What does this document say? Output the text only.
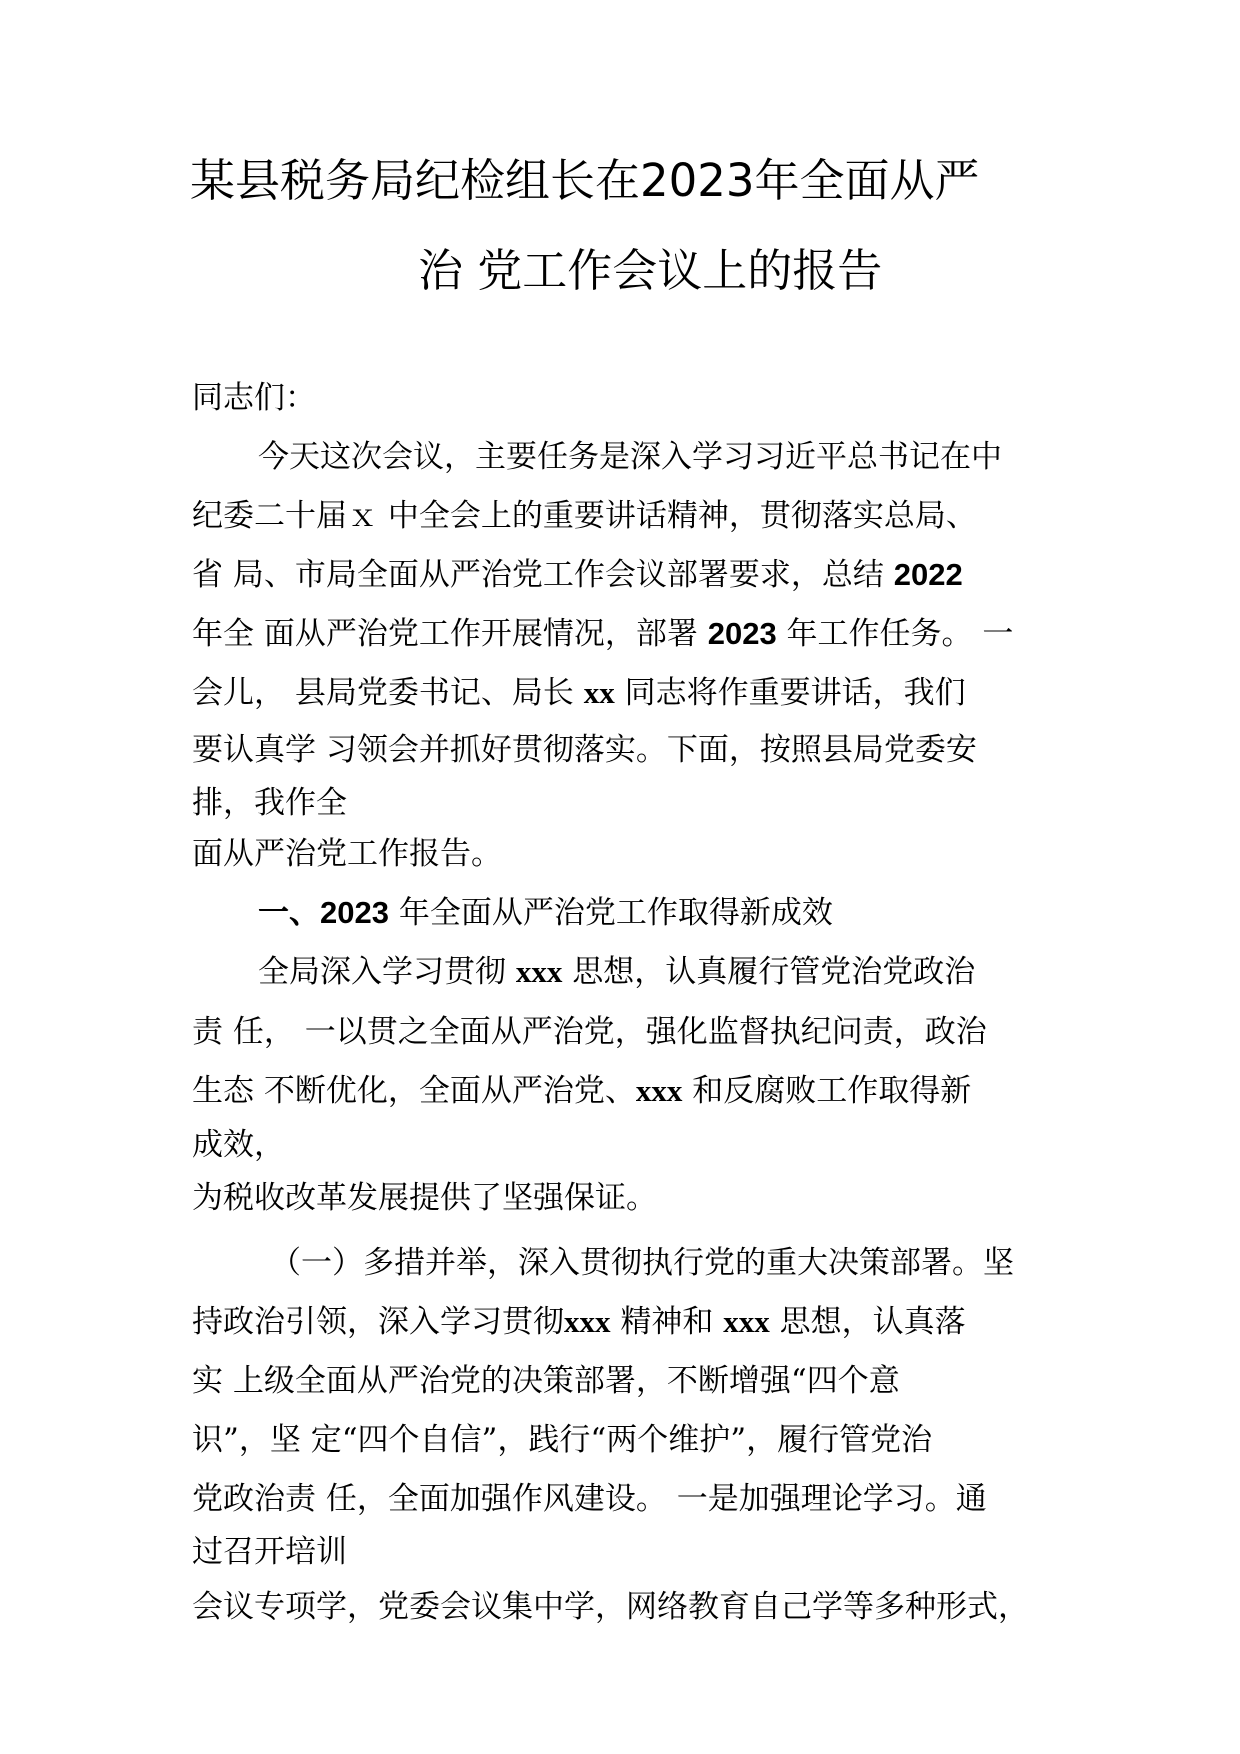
某县税务局纪检组长在2023年全面从严
治 党工作会议上的报告

同志们：

今天这次会议，主要任务是深入学习习近平总书记在中

纪委二十届ｘ 中全会上的重要讲话精神，贯彻落实总局、

省 局、市局全面从严治党工作会议部署要求，总结 2022

年全 面从严治党工作开展情况，部署 2023 年工作任务。 一

会儿， 县局党委书记、局长 xx 同志将作重要讲话，我们

要认真学 习领会并抓好贯彻落实。下面，按照县局党委安

排，我作全

面从严治党工作报告。

一、2023 年全面从严治党工作取得新成效

全局深入学习贯彻 xxx 思想，认真履行管党治党政治

责 任， 一以贯之全面从严治党，强化监督执纪问责，政治

生态 不断优化，全面从严治党、xxx 和反腐败工作取得新

成效，

为税收改革发展提供了坚强保证。

（一）多措并举，深入贯彻执行党的重大决策部署。坚

持政治引领，深入学习贯彻xxx 精神和 xxx 思想，认真落

实 上级全面从严治党的决策部署，不断增强“四个意

识”，坚 定“四个自信”，践行“两个维护”，履行管党治

党政治责 任，全面加强作风建设。 一是加强理论学习。通

过召开培训

会议专项学，党委会议集中学，网络教育自己学等多种形式，
